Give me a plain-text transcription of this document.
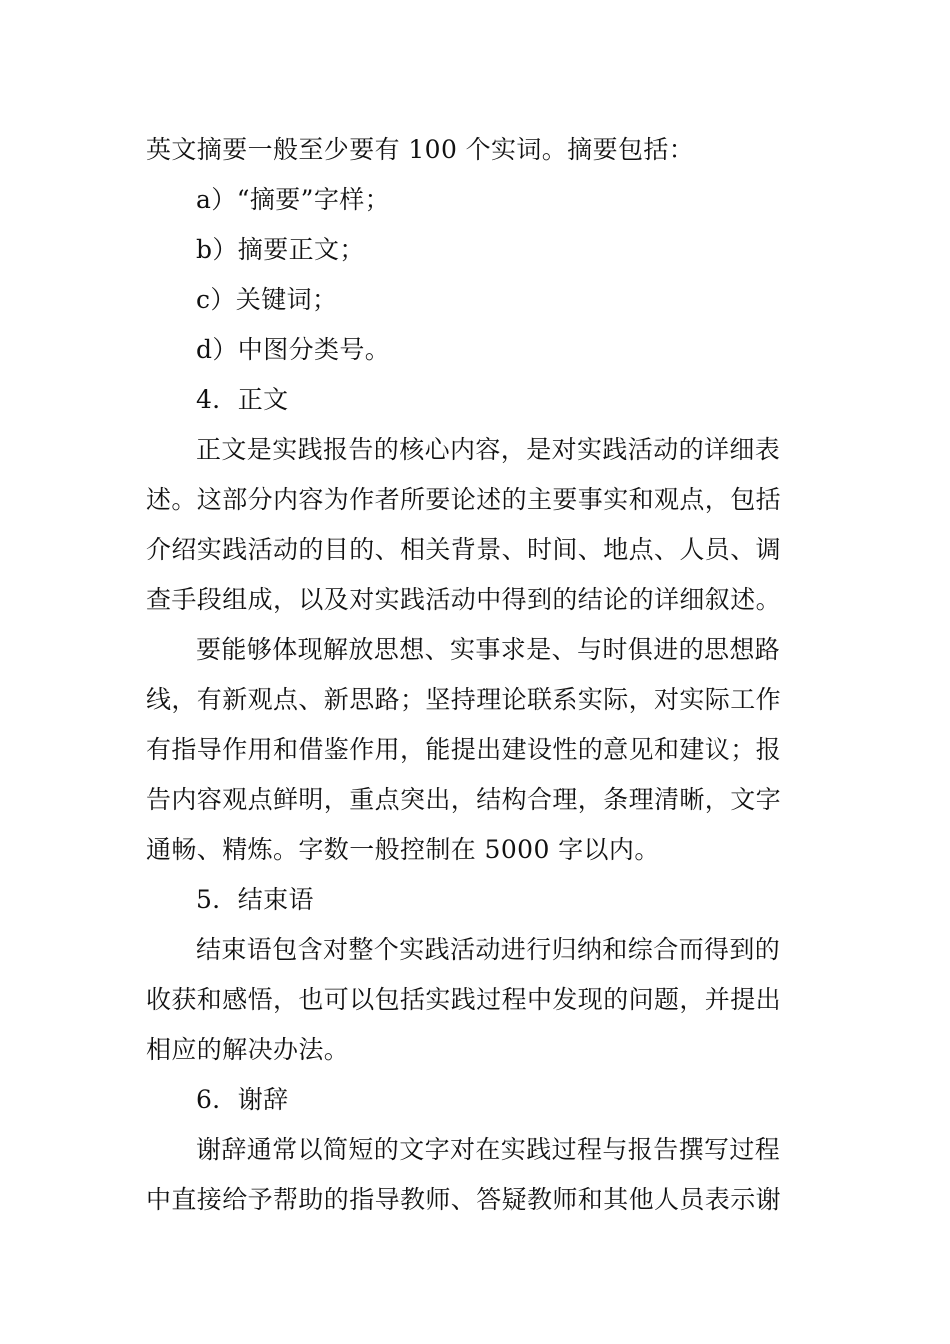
英文摘要一般至少要有 100 个实词。摘要包括：
a）“摘要”字样；
b）摘要正文；
c）关键词；
d）中图分类号。
4．正文
正文是实践报告的核心内容，是对实践活动的详细表
述。这部分内容为作者所要论述的主要事实和观点，包括
介绍实践活动的目的、相关背景、时间、地点、人员、调
查手段组成，以及对实践活动中得到的结论的详细叙述。
要能够体现解放思想、实事求是、与时俱进的思想路
线，有新观点、新思路；坚持理论联系实际，对实际工作
有指导作用和借鉴作用，能提出建设性的意见和建议；报
告内容观点鲜明，重点突出，结构合理，条理清晰，文字
通畅、精炼。字数一般控制在 5000 字以内。
5．结束语
结束语包含对整个实践活动进行归纳和综合而得到的
收获和感悟，也可以包括实践过程中发现的问题，并提出
相应的解决办法。
6．谢辞
谢辞通常以简短的文字对在实践过程与报告撰写过程
中直接给予帮助的指导教师、答疑教师和其他人员表示谢
